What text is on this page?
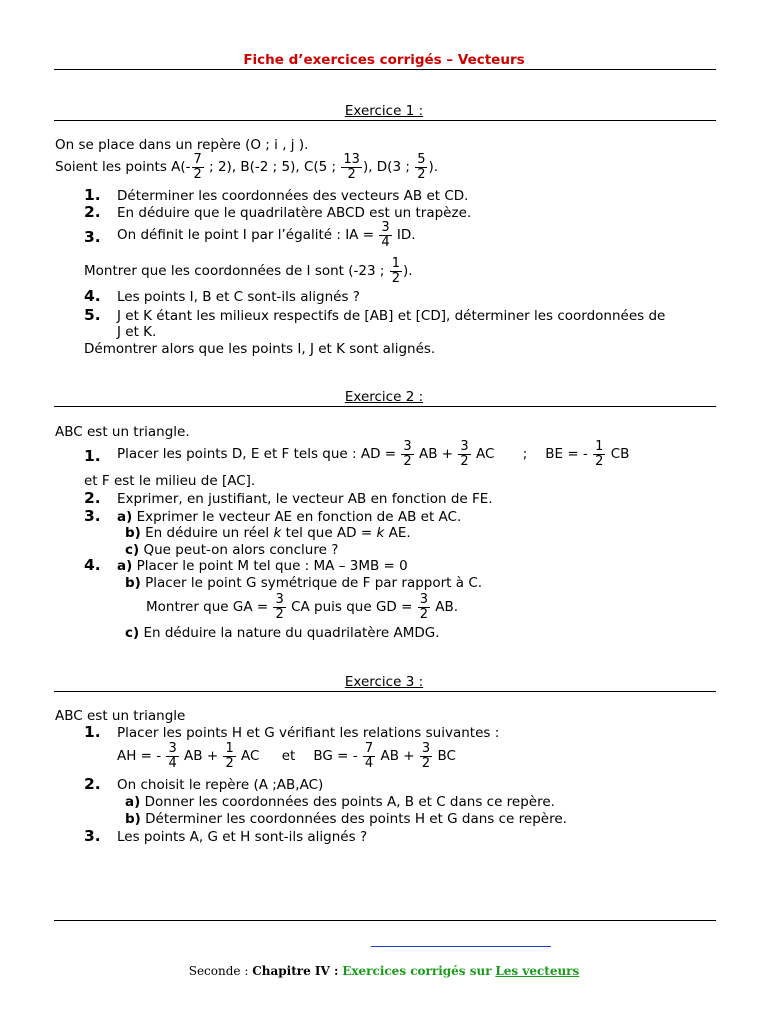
Fiche d’exercices corrigés – Vecteurs
Exercice 1 :
On se place dans un repère (O ; i , j ).
Soient les points $A(- \frac{7}{2}$ ; 2), B(-2 ; 5), C(5 ; $\frac{13}{2}$ ), D(3 ; $\frac{5}{2}$ ).
1. Déterminer les coordonnées des vecteurs AB et CD.
2. En déduire que le quadrilatère ABCD est un trapèze.
3. On définit le point I par l’égalité : IA = $\frac{3}{4}$ ID.
Montrer que les coordonnées de I sont (-23 ; $\frac{1}{2}$ ).
4. Les points I, B et C sont-ils alignés ?
5. J et K étant les milieux respectifs de [AB] et [CD], déterminer les coordonnées de
J et K.
Démontrer alors que les points I, J et K sont alignés.
Exercice 2 :
ABC est un triangle.
1. Placer les points D, E et F tels que : AD = $\frac{3}{2}$ AB + $\frac{3}{2}$ AC ; BE = - $\frac{1}{2}$ CB
et F est le milieu de [AC].
2. Exprimer, en justifiant, le vecteur AB en fonction de FE.
3. a) Exprimer le vecteur AE en fonction de AB et AC.
b) En déduire un réel k tel que AD = k AE.
c) Que peut-on alors conclure ?
4. a) Placer le point M tel que : MA – 3MB = 0
b) Placer le point G symétrique de F par rapport à C.
Montrer que GA = $\frac{3}{2}$ CA puis que GD = $\frac{3}{2}$ AB.
c) En déduire la nature du quadrilatère AMDG.
Exercice 3 :
ABC est un triangle
1. Placer les points H et G vérifiant les relations suivantes :
AH = - $\frac{3}{4}$ AB + $\frac{1}{2}$ AC et BG = - $\frac{7}{4}$ AB + $\frac{3}{2}$ BC
2. On choisit le repère (A ;AB,AC)
a) Donner les coordonnées des points A, B et C dans ce repère.
b) Déterminer les coordonnées des points H et G dans ce repère.
3. Les points A, G et H sont-ils alignés ?
Seconde : Chapitre IV : Exercices corrigés sur Les vecteurs
